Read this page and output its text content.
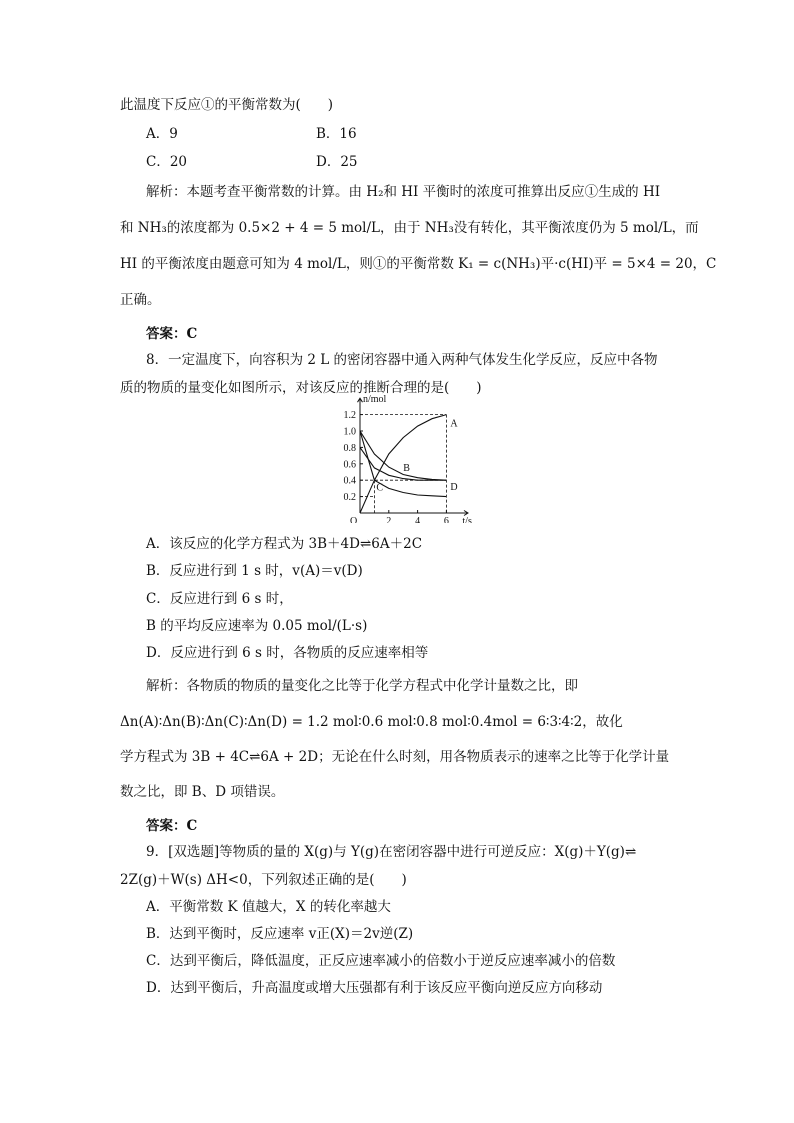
此温度下反应①的平衡常数为(　　)
A．9	B．16
C．20	D．25
解析：本题考查平衡常数的计算。由 H₂和 HI 平衡时的浓度可推算出反应①生成的 HI
和 NH₃的浓度都为 0.5×2 + 4 = 5 mol/L，由于 NH₃没有转化，其平衡浓度仍为 5 mol/L，而
HI 的平衡浓度由题意可知为 4 mol/L，则①的平衡常数 K₁ = c(NH₃)平·c(HI)平 = 5×4 = 20，C
正确。
答案：C
8．一定温度下，向容积为 2 L 的密闭容器中通入两种气体发生化学反应，反应中各物
质的物质的量变化如图所示，对该反应的推断合理的是(　　)
n/mol
t/s
O
0.2
0.4
0.6
0.8
1.0
1.2
2 4 6
A
B
C	D
A．该反应的化学方程式为 3B＋4D⇌6A＋2C
B．反应进行到 1 s 时，v(A)＝v(D)
C．反应进行到 6 s 时，
B 的平均反应速率为 0.05 mol/(L·s)
D．反应进行到 6 s 时，各物质的反应速率相等
解析：各物质的物质的量变化之比等于化学方程式中化学计量数之比，即
Δn(A)∶Δn(B)∶Δn(C)∶Δn(D) = 1.2 mol∶0.6 mol∶0.8 mol∶0.4mol = 6∶3∶4∶2，故化
学方程式为 3B + 4C⇌6A + 2D；无论在什么时刻，用各物质表示的速率之比等于化学计量
数之比，即 B、D 项错误。
答案：C
9．[双选题]等物质的量的 X(g)与 Y(g)在密闭容器中进行可逆反应：X(g)＋Y(g)⇌
2Z(g)＋W(s) ΔH<0，下列叙述正确的是(　　)
A．平衡常数 K 值越大，X 的转化率越大
B．达到平衡时，反应速率 v正(X)＝2v逆(Z)
C．达到平衡后，降低温度，正反应速率减小的倍数小于逆反应速率减小的倍数
D．达到平衡后，升高温度或增大压强都有利于该反应平衡向逆反应方向移动
